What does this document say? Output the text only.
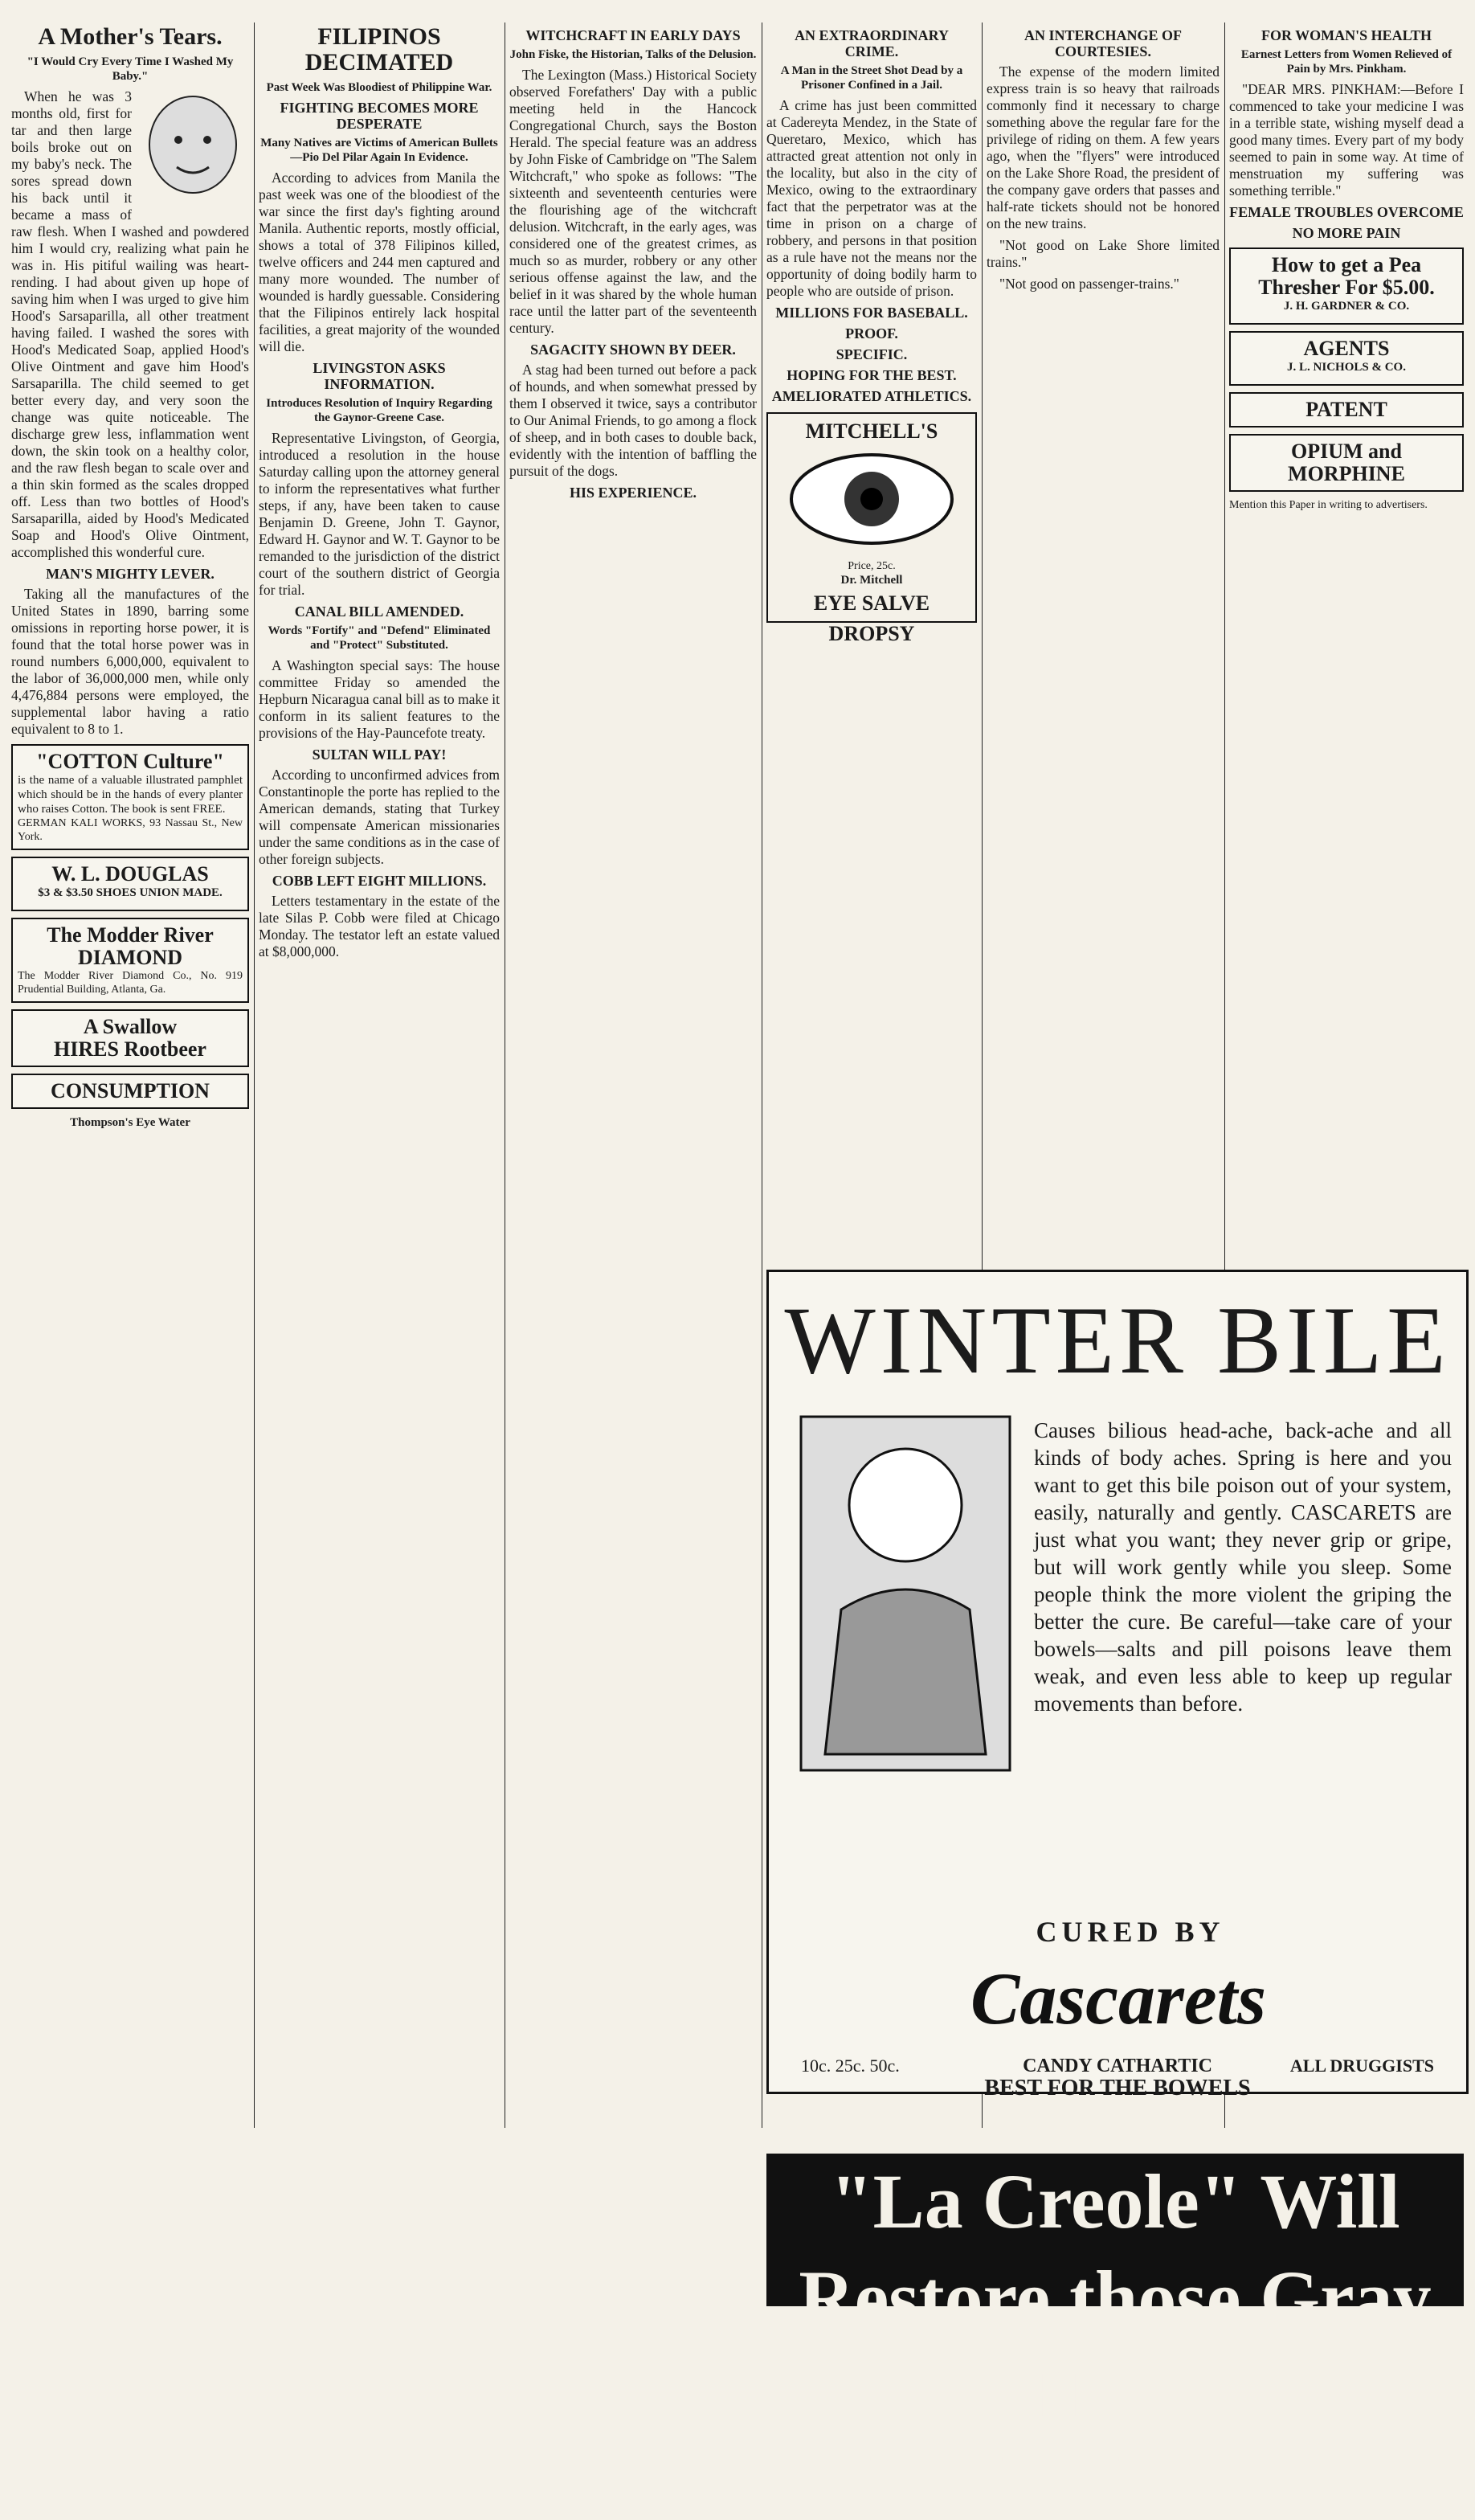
A Mother's Tears.
"I Would Cry Every Time I Washed My Baby."

When he was 3 months old, first for tar and then large boils broke out on my baby's neck. The sores spread down his back until it became a mass of raw flesh. When I washed and powdered him I would cry, realizing what pain he was in. His pitiful wailing was heart-rending. I had about given up hope of saving him when I was urged to give him Hood's Sarsaparilla, all other treatment having failed. I washed the sores with Hood's Medicated Soap, applied Hood's Olive Ointment and gave him Hood's Sarsaparilla. The child seemed to get better every day, and very soon the change was quite noticeable. The discharge grew less, inflammation went down, the skin took on a healthy color, and the raw flesh began to scale over and a thin skin formed as the scales dropped off. Less than two bottles of Hood's Sarsaparilla, aided by Hood's Medicated Soap and Hood's Olive Ointment, accomplished this wonderful cure.

MAN'S MIGHTY LEVER.

Taking all the manufactures of the United States in 1890, barring some omissions in reporting horse power, it is found that the total horse power was in round numbers 6,000,000, equivalent to the labor of 36,000,000 men, while only 4,476,884 persons were employed, the supplemental labor having a ratio equivalent to 8 to 1.

"COTTON Culture"
is the name of a valuable illustrated pamphlet which should be in the hands of every planter who raises Cotton. The book is sent FREE.
GERMAN KALI WORKS, 93 Nassau St., New York.
W. L. DOUGLAS
$3 & $3.50 SHOES UNION MADE.
The Modder River DIAMOND
The Modder River Diamond Co., No. 919 Prudential Building, Atlanta, Ga.
A Swallow
HIRES Rootbeer
CONSUMPTION
Thompson's Eye Water
FILIPINOS DECIMATED
Past Week Was Bloodiest of Philippine War.
FIGHTING BECOMES MORE DESPERATE
Many Natives are Victims of American Bullets—Pio Del Pilar Again In Evidence.

According to advices from Manila the past week was one of the bloodiest of the war since the first day's fighting around Manila. Authentic reports, mostly official, shows a total of 378 Filipinos killed, twelve officers and 244 men captured and many more wounded. The number of wounded is hardly guessable. Considering that the Filipinos entirely lack hospital facilities, a great majority of the wounded will die.

LIVINGSTON ASKS INFORMATION.
Introduces Resolution of Inquiry Regarding the Gaynor-Greene Case.

Representative Livingston, of Georgia, introduced a resolution in the house Saturday calling upon the attorney general to inform the representatives what further steps, if any, have been taken to cause Benjamin D. Greene, John T. Gaynor, Edward H. Gaynor and W. T. Gaynor to be remanded to the jurisdiction of the district court of the southern district of Georgia for trial.

CANAL BILL AMENDED.
Words "Fortify" and "Defend" Eliminated and "Protect" Substituted.

A Washington special says: The house committee Friday so amended the Hepburn Nicaragua canal bill as to make it conform in its salient features to the provisions of the Hay-Pauncefote treaty.

SULTAN WILL PAY!

According to unconfirmed advices from Constantinople the porte has replied to the American demands, stating that Turkey will compensate American missionaries under the same conditions as in the case of other foreign subjects.

COBB LEFT EIGHT MILLIONS.

Letters testamentary in the estate of the late Silas P. Cobb were filed at Chicago Monday. The testator left an estate valued at $8,000,000.

WITCHCRAFT IN EARLY DAYS
John Fiske, the Historian, Talks of the Delusion.

The Lexington (Mass.) Historical Society observed Forefathers' Day with a public meeting held in the Hancock Congregational Church, says the Boston Herald. The special feature was an address by John Fiske of Cambridge on "The Salem Witchcraft," who spoke as follows: "The sixteenth and seventeenth centuries were the flourishing age of the witchcraft delusion. Witchcraft, in the early ages, was considered one of the greatest crimes, as much so as murder, robbery or any other serious offense against the law, and the belief in it was shared by the whole human race until the latter part of the seventeenth century.

SAGACITY SHOWN BY DEER.

A stag had been turned out before a pack of hounds, and when somewhat pressed by them I observed it twice, says a contributor to Our Animal Friends, to go among a flock of sheep, and in both cases to double back, evidently with the intention of baffling the pursuit of the dogs.

HIS EXPERIENCE.
AN EXTRAORDINARY CRIME.
A Man in the Street Shot Dead by a Prisoner Confined in a Jail.

A crime has just been committed at Cadereyta Mendez, in the State of Queretaro, Mexico, which has attracted great attention not only in the locality, but also in the city of Mexico, owing to the extraordinary fact that the perpetrator was at the time in prison on a charge of robbery, and persons in that position as a rule have not the means nor the opportunity of doing bodily harm to people who are outside of prison.

MILLIONS FOR BASEBALL.
PROOF.
SPECIFIC.
HOPING FOR THE BEST.
AMELIORATED ATHLETICS.
MITCHELL'S
Price, 25c.
Dr. Mitchell
EYE SALVE
DROPSY
AN INTERCHANGE OF COURTESIES.

The expense of the modern limited express train is so heavy that railroads commonly find it necessary to charge something above the regular fare for the privilege of riding on them. A few years ago, when the "flyers" were introduced on the Lake Shore Road, the president of the company gave orders that passes and half-rate tickets should not be honored on the new trains.

"Not good on Lake Shore limited trains."

"Not good on passenger-trains."

FOR WOMAN'S HEALTH
Earnest Letters from Women Relieved of Pain by Mrs. Pinkham.

"DEAR MRS. PINKHAM:—Before I commenced to take your medicine I was in a terrible state, wishing myself dead a good many times. Every part of my body seemed to pain in some way. At time of menstruation my suffering was something terrible."

FEMALE TROUBLES OVERCOME
NO MORE PAIN
How to get a Pea Thresher For $5.00.
J. H. GARDNER & CO.
AGENTS
J. L. NICHOLS & CO.
PATENT
OPIUM and MORPHINE
Mention this Paper in writing to advertisers.
WINTER BILE
Causes bilious head-ache, back-ache and all kinds of body aches. Spring is here and you want to get this bile poison out of your system, easily, naturally and gently. CASCARETS are just what you want; they never grip or gripe, but will work gently while you sleep. Some people think the more violent the griping the better the cure. Be careful—take care of your bowels—salts and pill poisons leave them weak, and even less able to keep up regular movements than before.
CURED BY
Cascarets
CANDY CATHARTIC
BEST FOR THE BOWELS
10c. 25c. 50c.	ALL DRUGGISTS
"La Creole" Will Restore those Gray Hairs
"La Creole" Hair Restorer is a Perfect Dressing and Restorer. Price $1.00.
